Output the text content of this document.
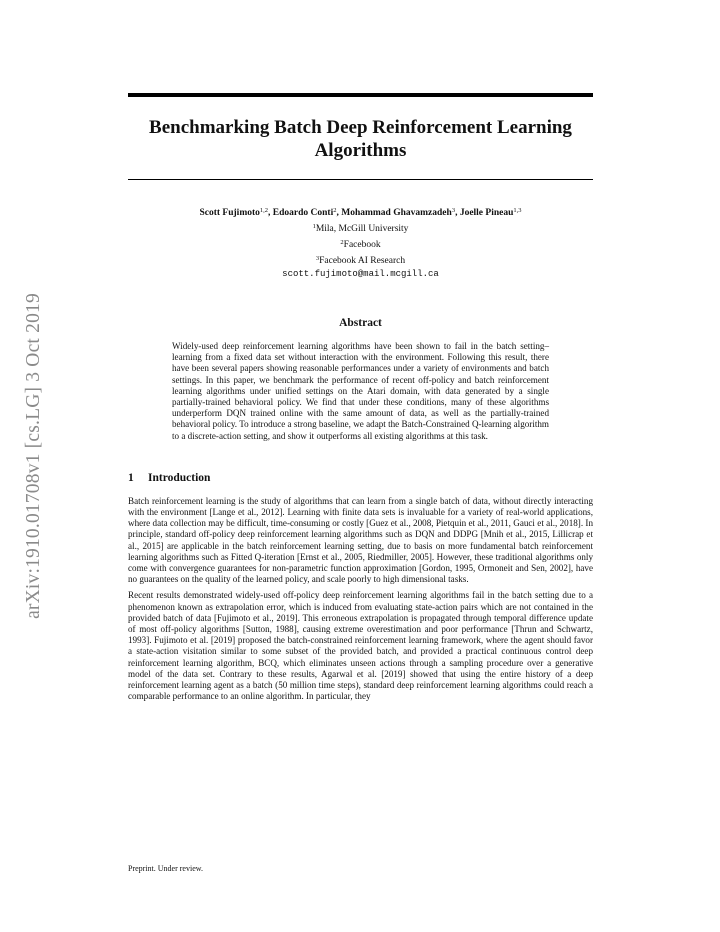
arXiv:1910.01708v1 [cs.LG] 3 Oct 2019
Benchmarking Batch Deep Reinforcement Learning Algorithms
Scott Fujimoto$^{1,2}$, Edoardo Conti$^2$, Mohammad Ghavamzadeh$^3$, Joelle Pineau$^{1,3}$
$^1$Mila, McGill University
$^2$Facebook
$^3$Facebook AI Research
scott.fujimoto@mail.mcgill.ca
Abstract

Widely-used deep reinforcement learning algorithms have been shown to fail in the batch setting–learning from a fixed data set without interaction with the environment. Following this result, there have been several papers showing reasonable performances under a variety of environments and batch settings. In this paper, we benchmark the performance of recent off-policy and batch reinforcement learning algorithms under unified settings on the Atari domain, with data generated by a single partially-trained behavioral policy. We find that under these conditions, many of these algorithms underperform DQN trained online with the same amount of data, as well as the partially-trained behavioral policy. To introduce a strong baseline, we adapt the Batch-Constrained Q-learning algorithm to a discrete-action setting, and show it outperforms all existing algorithms at this task.

1 Introduction

Batch reinforcement learning is the study of algorithms that can learn from a single batch of data, without directly interacting with the environment [Lange et al., 2012]. Learning with finite data sets is invaluable for a variety of real-world applications, where data collection may be difficult, time-consuming or costly [Guez et al., 2008, Pietquin et al., 2011, Gauci et al., 2018]. In principle, standard off-policy deep reinforcement learning algorithms such as DQN and DDPG [Mnih et al., 2015, Lillicrap et al., 2015] are applicable in the batch reinforcement learning setting, due to basis on more fundamental batch reinforcement learning algorithms such as Fitted Q-iteration [Ernst et al., 2005, Riedmiller, 2005]. However, these traditional algorithms only come with convergence guarantees for non-parametric function approximation [Gordon, 1995, Ormoneit and Sen, 2002], have no guarantees on the quality of the learned policy, and scale poorly to high dimensional tasks.

Recent results demonstrated widely-used off-policy deep reinforcement learning algorithms fail in the batch setting due to a phenomenon known as extrapolation error, which is induced from evaluating state-action pairs which are not contained in the provided batch of data [Fujimoto et al., 2019]. This erroneous extrapolation is propagated through temporal difference update of most off-policy algorithms [Sutton, 1988], causing extreme overestimation and poor performance [Thrun and Schwartz, 1993]. Fujimoto et al. [2019] proposed the batch-constrained reinforcement learning framework, where the agent should favor a state-action visitation similar to some subset of the provided batch, and provided a practical continuous control deep reinforcement learning algorithm, BCQ, which eliminates unseen actions through a sampling procedure over a generative model of the data set. Contrary to these results, Agarwal et al. [2019] showed that using the entire history of a deep reinforcement learning agent as a batch (50 million time steps), standard deep reinforcement learning algorithms could reach a comparable performance to an online algorithm. In particular, they

Preprint. Under review.
